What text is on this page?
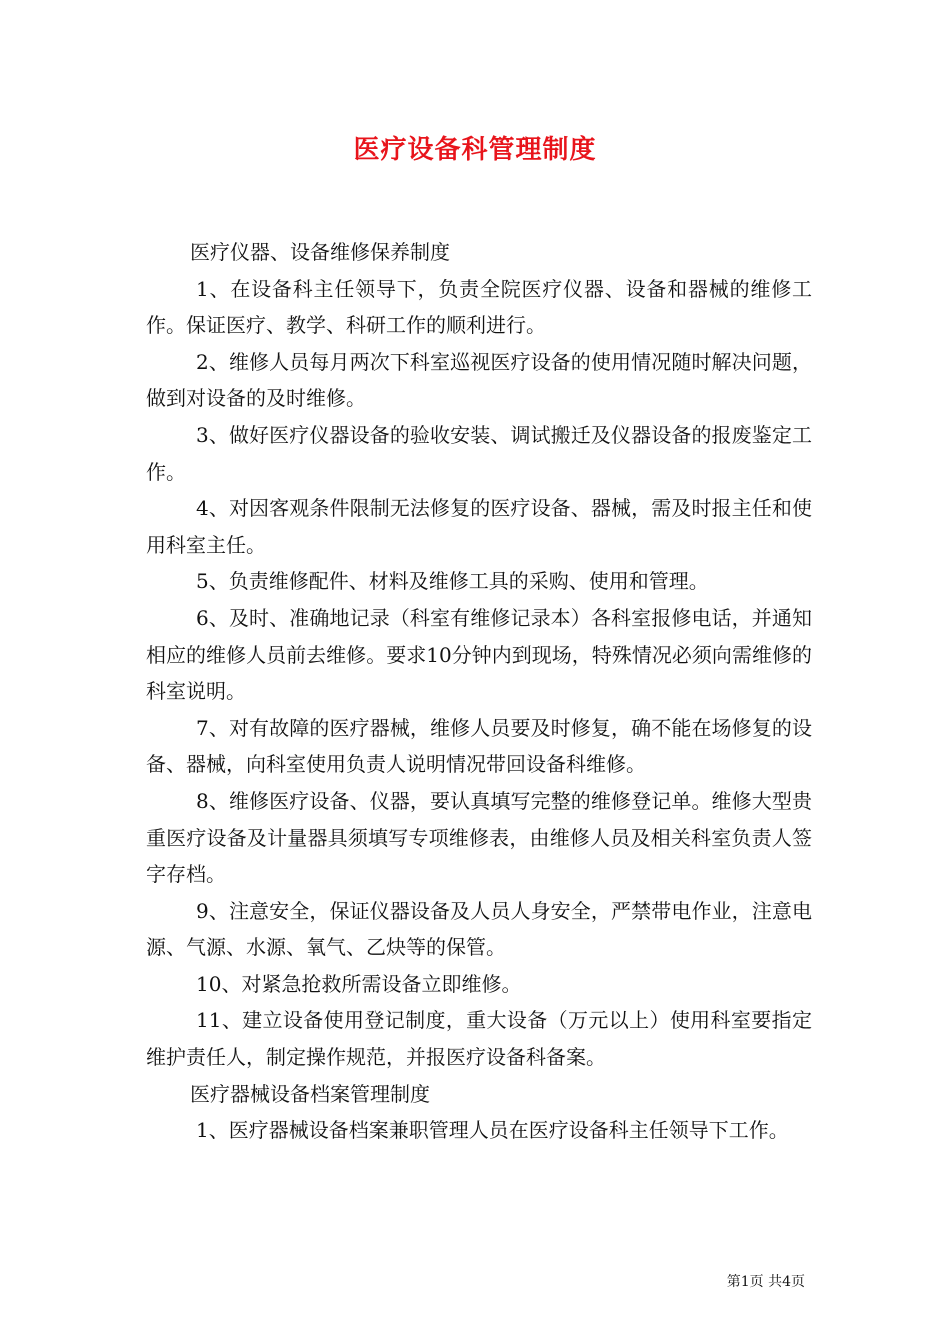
医疗设备科管理制度

医疗仪器、设备维修保养制度

1、在设备科主任领导下，负责全院医疗仪器、设备和器械的维修工作。保证医疗、教学、科研工作的顺利进行。

2、维修人员每月两次下科室巡视医疗设备的使用情况随时解决问题，做到对设备的及时维修。

3、做好医疗仪器设备的验收安装、调试搬迁及仪器设备的报废鉴定工作。

4、对因客观条件限制无法修复的医疗设备、器械，需及时报主任和使用科室主任。

5、负责维修配件、材料及维修工具的采购、使用和管理。

6、及时、准确地记录（科室有维修记录本）各科室报修电话，并通知相应的维修人员前去维修。要求10分钟内到现场，特殊情况必须向需维修的科室说明。

7、对有故障的医疗器械，维修人员要及时修复，确不能在场修复的设备、器械，向科室使用负责人说明情况带回设备科维修。

8、维修医疗设备、仪器，要认真填写完整的维修登记单。维修大型贵重医疗设备及计量器具须填写专项维修表，由维修人员及相关科室负责人签字存档。

9、注意安全，保证仪器设备及人员人身安全，严禁带电作业，注意电源、气源、水源、氧气、乙炔等的保管。

10、对紧急抢救所需设备立即维修。

11、建立设备使用登记制度，重大设备（万元以上）使用科室要指定维护责任人，制定操作规范，并报医疗设备科备案。

医疗器械设备档案管理制度

1、医疗器械设备档案兼职管理人员在医疗设备科主任领导下工作。

第1页 共4页
